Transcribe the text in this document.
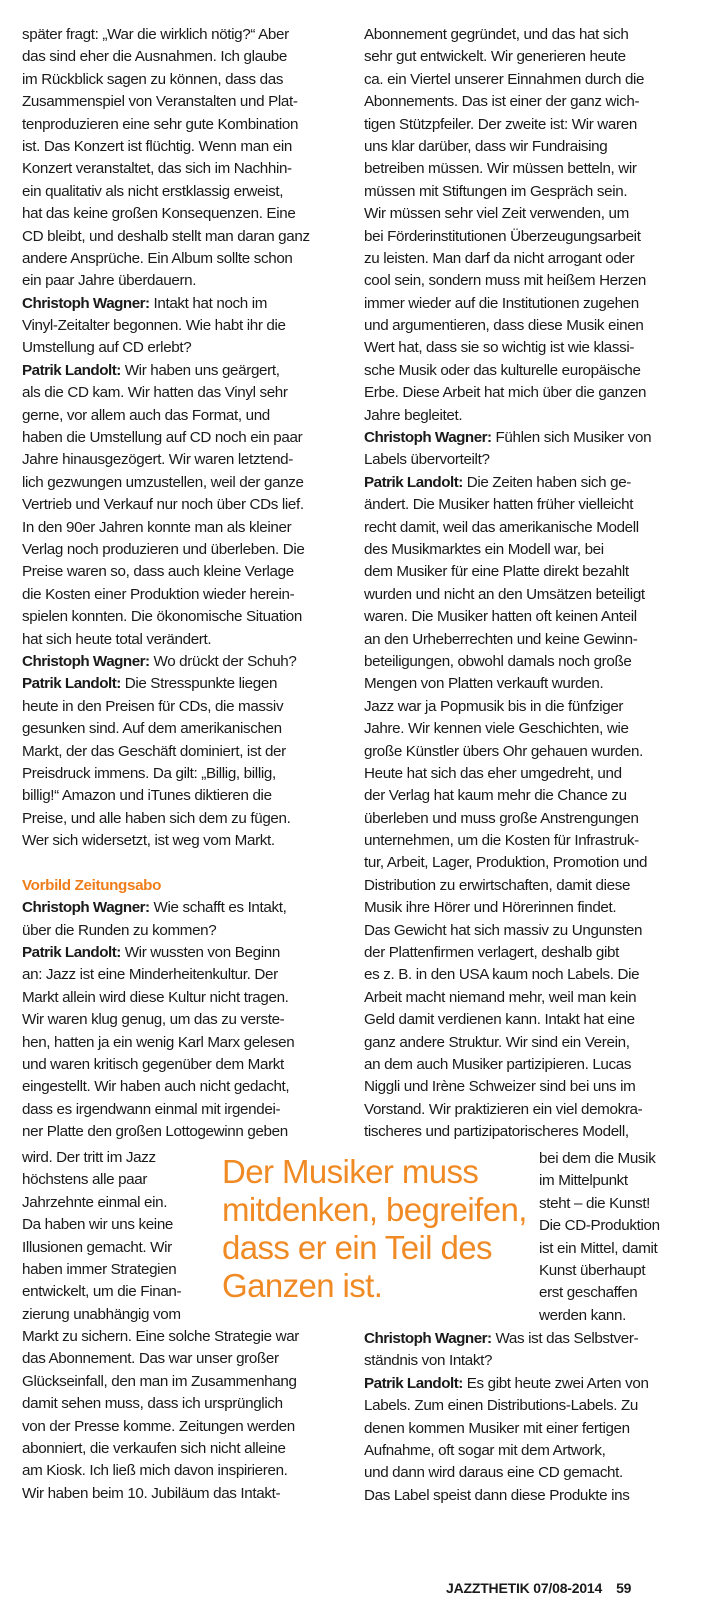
später fragt: „War die wirklich nötig?“ Aber
das sind eher die Ausnahmen. Ich glaube
im Rückblick sagen zu können, dass das
Zusammenspiel von Veranstalten und Plat-
tenproduzieren eine sehr gute Kombination
ist. Das Konzert ist flüchtig. Wenn man ein
Konzert veranstaltet, das sich im Nachhin-
ein qualitativ als nicht erstklassig erweist,
hat das keine großen Konsequenzen. Eine
CD bleibt, und deshalb stellt man daran ganz
andere Ansprüche. Ein Album sollte schon
ein paar Jahre überdauern.
Christoph Wagner: Intakt hat noch im
Vinyl-Zeitalter begonnen. Wie habt ihr die
Umstellung auf CD erlebt?
Patrik Landolt: Wir haben uns geärgert,
als die CD kam. Wir hatten das Vinyl sehr
gerne, vor allem auch das Format, und
haben die Umstellung auf CD noch ein paar
Jahre hinausgezögert. Wir waren letztend-
lich gezwungen umzustellen, weil der ganze
Vertrieb und Verkauf nur noch über CDs lief.
In den 90er Jahren konnte man als kleiner
Verlag noch produzieren und überleben. Die
Preise waren so, dass auch kleine Verlage
die Kosten einer Produktion wieder herein-
spielen konnten. Die ökonomische Situation
hat sich heute total verändert.
Christoph Wagner: Wo drückt der Schuh?
Patrik Landolt: Die Stresspunkte liegen
heute in den Preisen für CDs, die massiv
gesunken sind. Auf dem amerikanischen
Markt, der das Geschäft dominiert, ist der
Preisdruck immens. Da gilt: „Billig, billig,
billig!“ Amazon und iTunes diktieren die
Preise, und alle haben sich dem zu fügen.
Wer sich widersetzt, ist weg vom Markt.
Vorbild Zeitungsabo
Christoph Wagner: Wie schafft es Intakt,
über die Runden zu kommen?
Patrik Landolt: Wir wussten von Beginn
an: Jazz ist eine Minderheitenkultur. Der
Markt allein wird diese Kultur nicht tragen.
Wir waren klug genug, um das zu verste-
hen, hatten ja ein wenig Karl Marx gelesen
und waren kritisch gegenüber dem Markt
eingestellt. Wir haben auch nicht gedacht,
dass es irgendwann einmal mit irgendei-
ner Platte den großen Lottogewinn geben
wird. Der tritt im Jazz
höchstens alle paar
Jahrzehnte einmal ein.
Da haben wir uns keine
Illusionen gemacht. Wir
haben immer Strategien
entwickelt, um die Finan-
zierung unabhängig vom
Markt zu sichern. Eine solche Strategie war
das Abonnement. Das war unser großer
Glückseinfall, den man im Zusammenhang
damit sehen muss, dass ich ursprünglich
von der Presse komme. Zeitungen werden
abonniert, die verkaufen sich nicht alleine
am Kiosk. Ich ließ mich davon inspirieren.
Wir haben beim 10. Jubiläum das Intakt-
Abonnement gegründet, und das hat sich
sehr gut entwickelt. Wir generieren heute
ca. ein Viertel unserer Einnahmen durch die
Abonnements. Das ist einer der ganz wich-
tigen Stützpfeiler. Der zweite ist: Wir waren
uns klar darüber, dass wir Fundraising
betreiben müssen. Wir müssen betteln, wir
müssen mit Stiftungen im Gespräch sein.
Wir müssen sehr viel Zeit verwenden, um
bei Förderinstitutionen Überzeugungsarbeit
zu leisten. Man darf da nicht arrogant oder
cool sein, sondern muss mit heißem Herzen
immer wieder auf die Institutionen zugehen
und argumentieren, dass diese Musik einen
Wert hat, dass sie so wichtig ist wie klassi-
sche Musik oder das kulturelle europäische
Erbe. Diese Arbeit hat mich über die ganzen
Jahre begleitet.
Christoph Wagner: Fühlen sich Musiker von
Labels übervorteilt?
Patrik Landolt: Die Zeiten haben sich ge-
ändert. Die Musiker hatten früher vielleicht
recht damit, weil das amerikanische Modell
des Musikmarktes ein Modell war, bei
dem Musiker für eine Platte direkt bezahlt
wurden und nicht an den Umsätzen beteiligt
waren. Die Musiker hatten oft keinen Anteil
an den Urheberrechten und keine Gewinn-
beteiligungen, obwohl damals noch große
Mengen von Platten verkauft wurden.
Jazz war ja Popmusik bis in die fünfziger
Jahre. Wir kennen viele Geschichten, wie
große Künstler übers Ohr gehauen wurden.
Heute hat sich das eher umgedreht, und
der Verlag hat kaum mehr die Chance zu
überleben und muss große Anstrengungen
unternehmen, um die Kosten für Infrastruk-
tur, Arbeit, Lager, Produktion, Promotion und
Distribution zu erwirtschaften, damit diese
Musik ihre Hörer und Hörerinnen findet.
Das Gewicht hat sich massiv zu Ungunsten
der Plattenfirmen verlagert, deshalb gibt
es z. B. in den USA kaum noch Labels. Die
Arbeit macht niemand mehr, weil man kein
Geld damit verdienen kann. Intakt hat eine
ganz andere Struktur. Wir sind ein Verein,
an dem auch Musiker partizipieren. Lucas
Niggli und Irène Schweizer sind bei uns im
Vorstand. Wir praktizieren ein viel demokra-
tischeres und partizipatorischeres Modell,
bei dem die Musik
im Mittelpunkt
steht – die Kunst!
Die CD-Produktion
ist ein Mittel, damit
Kunst überhaupt
erst geschaffen
werden kann.
Christoph Wagner: Was ist das Selbstver-
ständnis von Intakt?
Patrik Landolt: Es gibt heute zwei Arten von
Labels. Zum einen Distributions-Labels. Zu
denen kommen Musiker mit einer fertigen
Aufnahme, oft sogar mit dem Artwork,
und dann wird daraus eine CD gemacht.
Das Label speist dann diese Produkte ins
Der Musiker muss
mitdenken, begreifen,
dass er ein Teil des
Ganzen ist.
JAZZTHETIK 07/08-2014 59
